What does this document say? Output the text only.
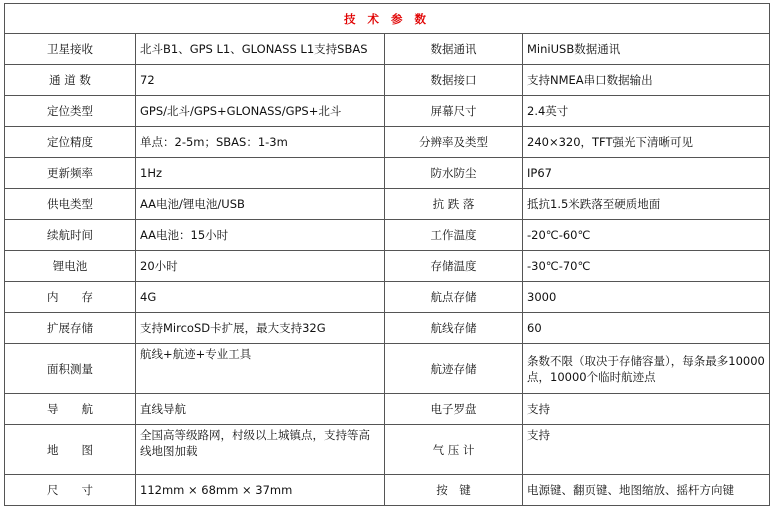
技 术 参 数			
卫星接收	北斗B1、GPS L1、GLONASS L1支持SBAS	数据通讯	MiniUSB数据通讯
通 道 数	72	数据接口	支持NMEA串口数据输出
定位类型	GPS/北斗/GPS+GLONASS/GPS+北斗	屏幕尺寸	2.4英寸
定位精度	单点：2-5m；SBAS：1-3m	分辨率及类型	240×320，TFT强光下清晰可见
更新频率	1Hz	防水防尘	IP67
供电类型	AA电池/锂电池/USB	抗 跌 落	抵抗1.5米跌落至硬质地面
续航时间	AA电池：15小时	工作温度	-20℃-60℃
锂电池	20小时	存储温度	-30℃-70℃
内　　存	4G	航点存储	3000
扩展存储	支持MircoSD卡扩展，最大支持32G	航线存储	60
面积测量	航线+航迹+专业工具	航迹存储	条数不限（取决于存储容量），每条最多10000点，10000个临时航迹点
导　　航	直线导航	电子罗盘	支持
地　　图	全国高等级路网，村级以上城镇点，支持等高线地图加载	气 压 计	支持
尺　　寸	112mm × 68mm × 37mm	按　键	电源键、翻页键、地图缩放、摇杆方向键
